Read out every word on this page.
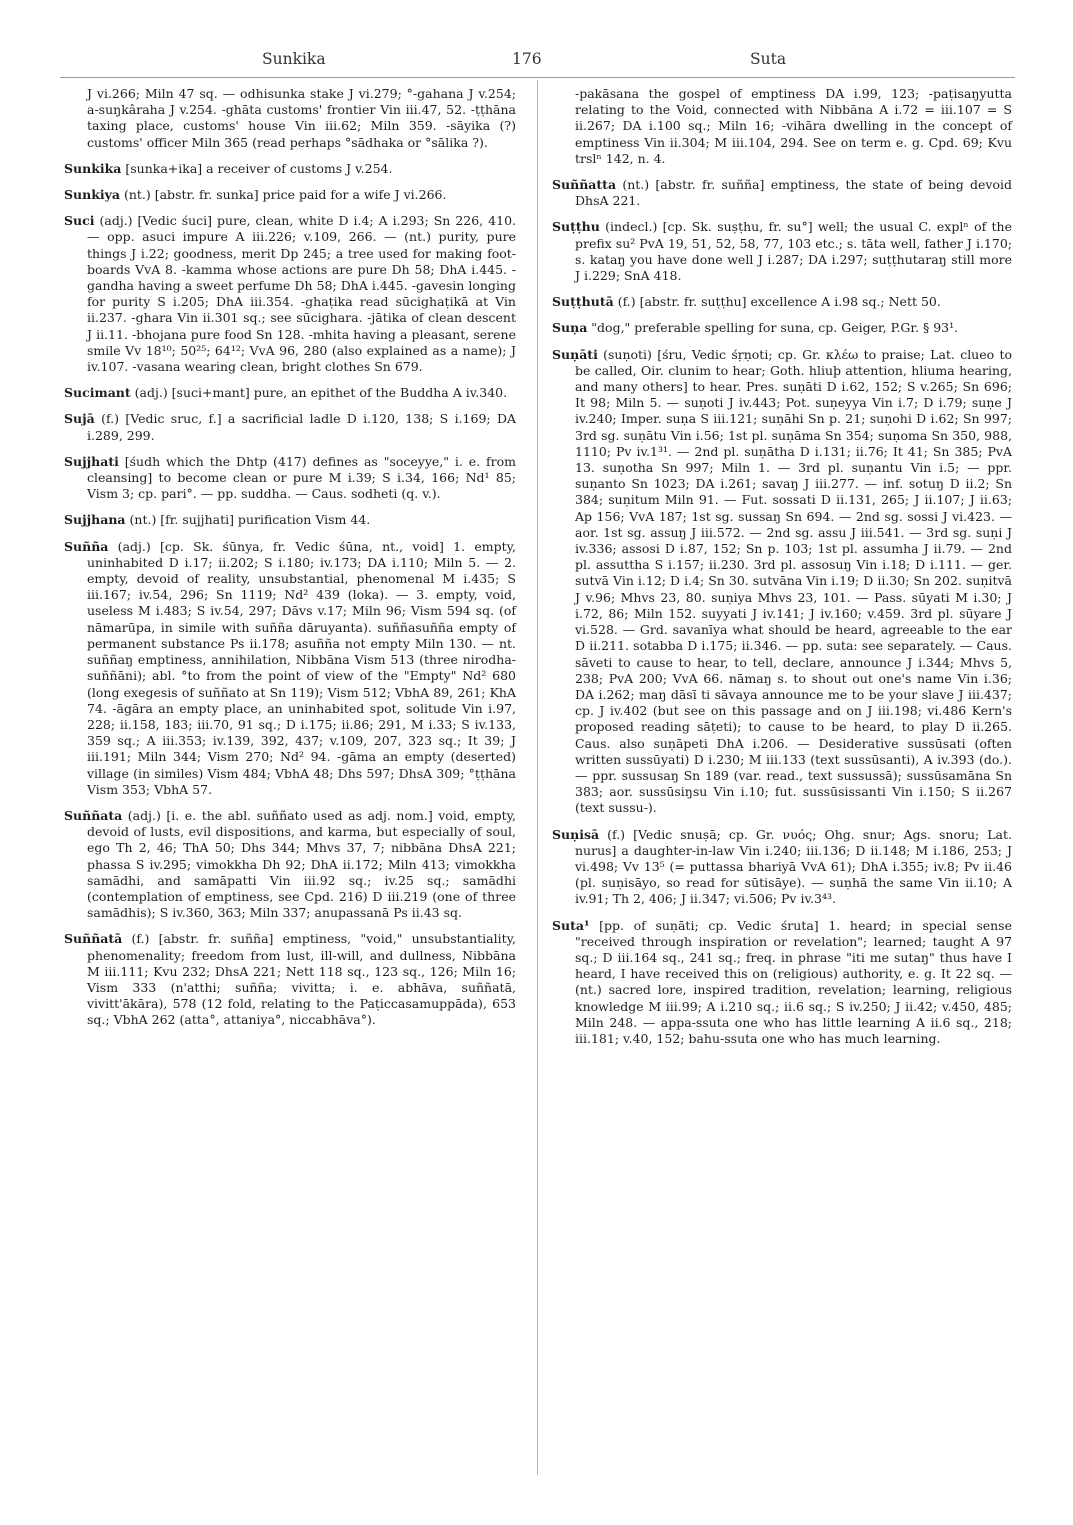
Sunkika	176	Suta

J vi.266; Miln 47 sq. — odhisunka stake J vi.279; °-gahana J v.254; a-suŋkâraha J v.254. -ghāta customs' frontier Vin iii.47, 52. -ṭṭhāna taxing place, customs' house Vin iii.62; Miln 359. -sāyika (?) customs' officer Miln 365 (read perhaps °sādhaka or °sālika ?).

Sunkika [sunka+ika] a receiver of customs J v.254.

Sunkiya (nt.) [abstr. fr. sunka] price paid for a wife J vi.266.

Suci (adj.) [Vedic śuci] pure, clean, white D i.4; A i.293; Sn 226, 410. — opp. asuci impure A iii.226; v.109, 266. — (nt.) purity, pure things J i.22; goodness, merit Dp 245; a tree used for making foot-boards VvA 8. -kamma whose actions are pure Dh 58; DhA i.445. -gandha having a sweet perfume Dh 58; DhA i.445. -gavesin longing for purity S i.205; DhA iii.354. -ghaṭika read sūcighaṭikā at Vin ii.237. -ghara Vin ii.301 sq.; see sūcighara. -jātika of clean descent J ii.11. -bhojana pure food Sn 128. -mhita having a pleasant, serene smile Vv 18¹⁰; 50²⁵; 64¹²; VvA 96, 280 (also explained as a name); J iv.107. -vasana wearing clean, bright clothes Sn 679.

Sucimant (adj.) [suci+mant] pure, an epithet of the Buddha A iv.340.

Sujā (f.) [Vedic sruc, f.] a sacrificial ladle D i.120, 138; S i.169; DA i.289, 299.

Sujjhati [śudh which the Dhtp (417) defines as "soceyye," i. e. from cleansing] to become clean or pure M i.39; S i.34, 166; Nd¹ 85; Vism 3; cp. pari°. — pp. suddha. — Caus. sodheti (q. v.).

Sujjhana (nt.) [fr. sujjhati] purification Vism 44.

Suñña (adj.) [cp. Sk. śūnya, fr. Vedic śūna, nt., void] 1. empty, uninhabited D i.17; ii.202; S i.180; iv.173; DA i.110; Miln 5. — 2. empty, devoid of reality, unsubstantial, phenomenal M i.435; S iii.167; iv.54, 296; Sn 1119; Nd² 439 (loka). — 3. empty, void, useless M i.483; S iv.54, 297; Dāvs v.17; Miln 96; Vism 594 sq. (of nāmarūpa, in simile with suñña dāruyanta). suññasuñña empty of permanent substance Ps ii.178; asuñña not empty Miln 130. — nt. suññaŋ emptiness, annihilation, Nibbāna Vism 513 (three nirodha-suññāni); abl. °to from the point of view of the "Empty" Nd² 680 (long exegesis of suññato at Sn 119); Vism 512; VbhA 89, 261; KhA 74. -āgāra an empty place, an uninhabited spot, solitude Vin i.97, 228; ii.158, 183; iii.70, 91 sq.; D i.175; ii.86; 291, M i.33; S iv.133, 359 sq.; A iii.353; iv.139, 392, 437; v.109, 207, 323 sq.; It 39; J iii.191; Miln 344; Vism 270; Nd² 94. -gāma an empty (deserted) village (in similes) Vism 484; VbhA 48; Dhs 597; DhsA 309; °ṭṭhāna Vism 353; VbhA 57.

Suññata (adj.) [i. e. the abl. suññato used as adj. nom.] void, empty, devoid of lusts, evil dispositions, and karma, but especially of soul, ego Th 2, 46; ThA 50; Dhs 344; Mhvs 37, 7; nibbāna DhsA 221; phassa S iv.295; vimokkha Dh 92; DhA ii.172; Miln 413; vimokkha samādhi, and samāpatti Vin iii.92 sq.; iv.25 sq.; samādhi (contemplation of emptiness, see Cpd. 216) D iii.219 (one of three samādhis); S iv.360, 363; Miln 337; anupassanā Ps ii.43 sq.

Suññatā (f.) [abstr. fr. suñña] emptiness, "void," unsubstantiality, phenomenality; freedom from lust, ill-will, and dullness, Nibbāna M iii.111; Kvu 232; DhsA 221; Nett 118 sq., 123 sq., 126; Miln 16; Vism 333 (n'atthi; suñña; vivitta; i. e. abhāva, suññatā, vivitt'ākāra), 578 (12 fold, relating to the Paṭiccasamuppāda), 653 sq.; VbhA 262 (atta°, attaniya°, niccabhāva°).

-pakāsana the gospel of emptiness DA i.99, 123; -paṭisaŋyutta relating to the Void, connected with Nibbāna A i.72 = iii.107 = S ii.267; DA i.100 sq.; Miln 16; -vihāra dwelling in the concept of emptiness Vin ii.304; M iii.104, 294. See on term e. g. Cpd. 69; Kvu trslⁿ 142, n. 4.

Suññatta (nt.) [abstr. fr. suñña] emptiness, the state of being devoid DhsA 221.

Suṭṭhu (indecl.) [cp. Sk. suṣṭhu, fr. su°] well; the usual C. explⁿ of the prefix su² PvA 19, 51, 52, 58, 77, 103 etc.; s. tāta well, father J i.170; s. kataŋ you have done well J i.287; DA i.297; suṭṭhutaraŋ still more J i.229; SnA 418.

Suṭṭhutā (f.) [abstr. fr. suṭṭhu] excellence A i.98 sq.; Nett 50.

Suṇa "dog," preferable spelling for suna, cp. Geiger, P.Gr. § 93¹.

Suṇāti (suṇoti) [śru, Vedic śṛṇoti; cp. Gr. κλέω to praise; Lat. clueo to be called, Oir. clunim to hear; Goth. hliuþ attention, hliuma hearing, and many others] to hear. Pres. suṇāti D i.62, 152; S v.265; Sn 696; It 98; Miln 5. — suṇoti J iv.443; Pot. suṇeyya Vin i.7; D i.79; suṇe J iv.240; Imper. suṇa S iii.121; suṇāhi Sn p. 21; suṇohi D i.62; Sn 997; 3rd sg. suṇātu Vin i.56; 1st pl. suṇāma Sn 354; suṇoma Sn 350, 988, 1110; Pv iv.1³¹. — 2nd pl. suṇātha D i.131; ii.76; It 41; Sn 385; PvA 13. suṇotha Sn 997; Miln 1. — 3rd pl. suṇantu Vin i.5; — ppr. suṇanto Sn 1023; DA i.261; savaŋ J iii.277. — inf. sotuŋ D ii.2; Sn 384; suṇitum Miln 91. — Fut. sossati D ii.131, 265; J ii.107; J ii.63; Ap 156; VvA 187; 1st sg. sussaŋ Sn 694. — 2nd sg. sossi J vi.423. — aor. 1st sg. assuŋ J iii.572. — 2nd sg. assu J iii.541. — 3rd sg. suṇi J iv.336; assosi D i.87, 152; Sn p. 103; 1st pl. assumha J ii.79. — 2nd pl. assuttha S i.157; ii.230. 3rd pl. assosuŋ Vin i.18; D i.111. — ger. sutvā Vin i.12; D i.4; Sn 30. sutvāna Vin i.19; D ii.30; Sn 202. suṇitvā J v.96; Mhvs 23, 80. suṇiya Mhvs 23, 101. — Pass. sūyati M i.30; J i.72, 86; Miln 152. suyyati J iv.141; J iv.160; v.459. 3rd pl. sūyare J vi.528. — Grd. savanīya what should be heard, agreeable to the ear D ii.211. sotabba D i.175; ii.346. — pp. suta: see separately. — Caus. sāveti to cause to hear, to tell, declare, announce J i.344; Mhvs 5, 238; PvA 200; VvA 66. nāmaŋ s. to shout out one's name Vin i.36; DA i.262; maŋ dāsī ti sāvaya announce me to be your slave J iii.437; cp. J iv.402 (but see on this passage and on J iii.198; vi.486 Kern's proposed reading sāṭeti); to cause to be heard, to play D ii.265. Caus. also suṇāpeti DhA i.206. — Desiderative sussūsati (often written sussūyati) D i.230; M iii.133 (text sussūsanti), A iv.393 (do.). — ppr. sussusaŋ Sn 189 (var. read., text sussussā); sussūsamāna Sn 383; aor. sussūsiŋsu Vin i.10; fut. sussūsissanti Vin i.150; S ii.267 (text sussu-).

Suṇisā (f.) [Vedic snuṣā; cp. Gr. νυός; Ohg. snur; Ags. snoru; Lat. nurus] a daughter-in-law Vin i.240; iii.136; D ii.148; M i.186, 253; J vi.498; Vv 13⁵ (= puttassa bhariyā VvA 61); DhA i.355; iv.8; Pv ii.46 (pl. suṇisāyo, so read for sūtisāye). — suṇhā the same Vin ii.10; A iv.91; Th 2, 406; J ii.347; vi.506; Pv iv.3⁴³.

Suta¹ [pp. of suṇāti; cp. Vedic śruta] 1. heard; in special sense "received through inspiration or revelation"; learned; taught A 97 sq.; D iii.164 sq., 241 sq.; freq. in phrase "iti me sutaŋ" thus have I heard, I have received this on (religious) authority, e. g. It 22 sq. — (nt.) sacred lore, inspired tradition, revelation; learning, religious knowledge M iii.99; A i.210 sq.; ii.6 sq.; S iv.250; J ii.42; v.450, 485; Miln 248. — appa-ssuta one who has little learning A ii.6 sq., 218; iii.181; v.40, 152; bahu-ssuta one who has much learning.
